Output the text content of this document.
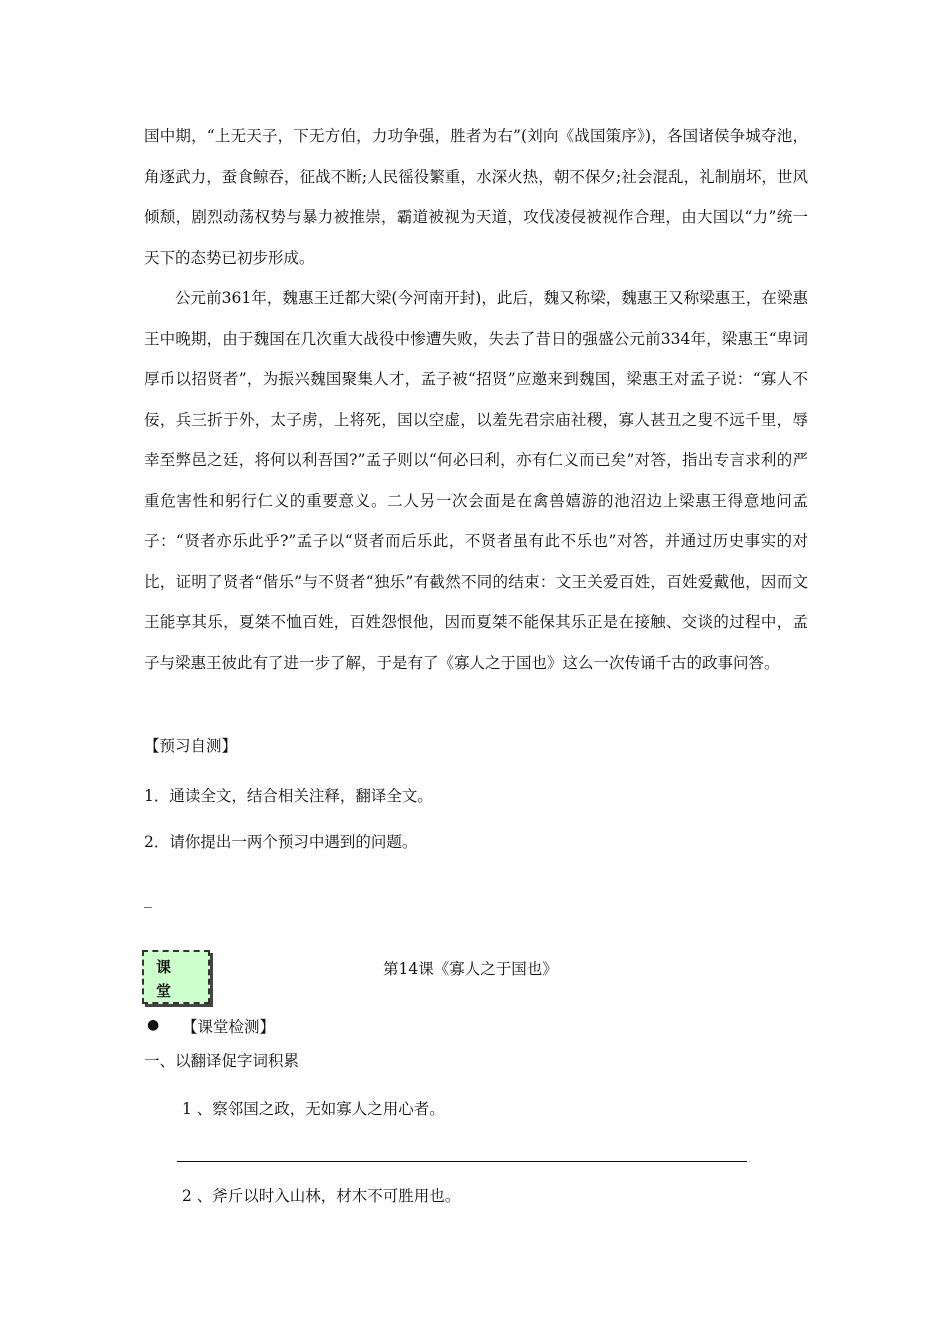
国中期，“上无天子，下无方伯，力功争强，胜者为右”(刘向《战国策序》)，各国诸侯争城夺池，角逐武力，蚕食鲸吞，征战不断;人民徭役繁重，水深火热，朝不保夕;社会混乱，礼制崩坏，世风倾颓，剧烈动荡权势与暴力被推崇，霸道被视为天道，攻伐凌侵被视作合理，由大国以“力”统一天下的态势已初步形成。

公元前361年，魏惠王迁都大梁(今河南开封)，此后，魏又称梁，魏惠王又称梁惠王，在梁惠王中晚期，由于魏国在几次重大战役中惨遭失败，失去了昔日的强盛公元前334年，梁惠王“卑词厚币以招贤者”，为振兴魏国聚集人才，孟子被“招贤”应邀来到魏国，梁惠王对孟子说：“寡人不佞，兵三折于外，太子虏，上将死，国以空虚，以羞先君宗庙社稷，寡人甚丑之叟不远千里，辱幸至弊邑之廷，将何以利吾国?”孟子则以“何必曰利，亦有仁义而已矣”对答，指出专言求利的严重危害性和躬行仁义的重要意义。二人另一次会面是在禽兽嬉游的池沼边上梁惠王得意地问孟子：“贤者亦乐此乎?”孟子以“贤者而后乐此，不贤者虽有此不乐也”对答，并通过历史事实的对比，证明了贤者“偕乐”与不贤者“独乐”有截然不同的结束：文王关爱百姓，百姓爱戴他，因而文王能享其乐，夏桀不恤百姓，百姓怨恨他，因而夏桀不能保其乐正是在接触、交谈的过程中，孟子与梁惠王彼此有了进一步了解，于是有了《寡人之于国也》这么一次传诵千古的政事问答。

【预习自测】

1．通读全文，结合相关注释，翻译全文。

2．请你提出一两个预习中遇到的问题。

_

课
堂
第14课《寡人之于国也》
● 【课堂检测】

一、以翻译促字词积累

1 、察邻国之政，无如寡人之用心者。
2 、斧斤以时入山林，材木不可胜用也。
